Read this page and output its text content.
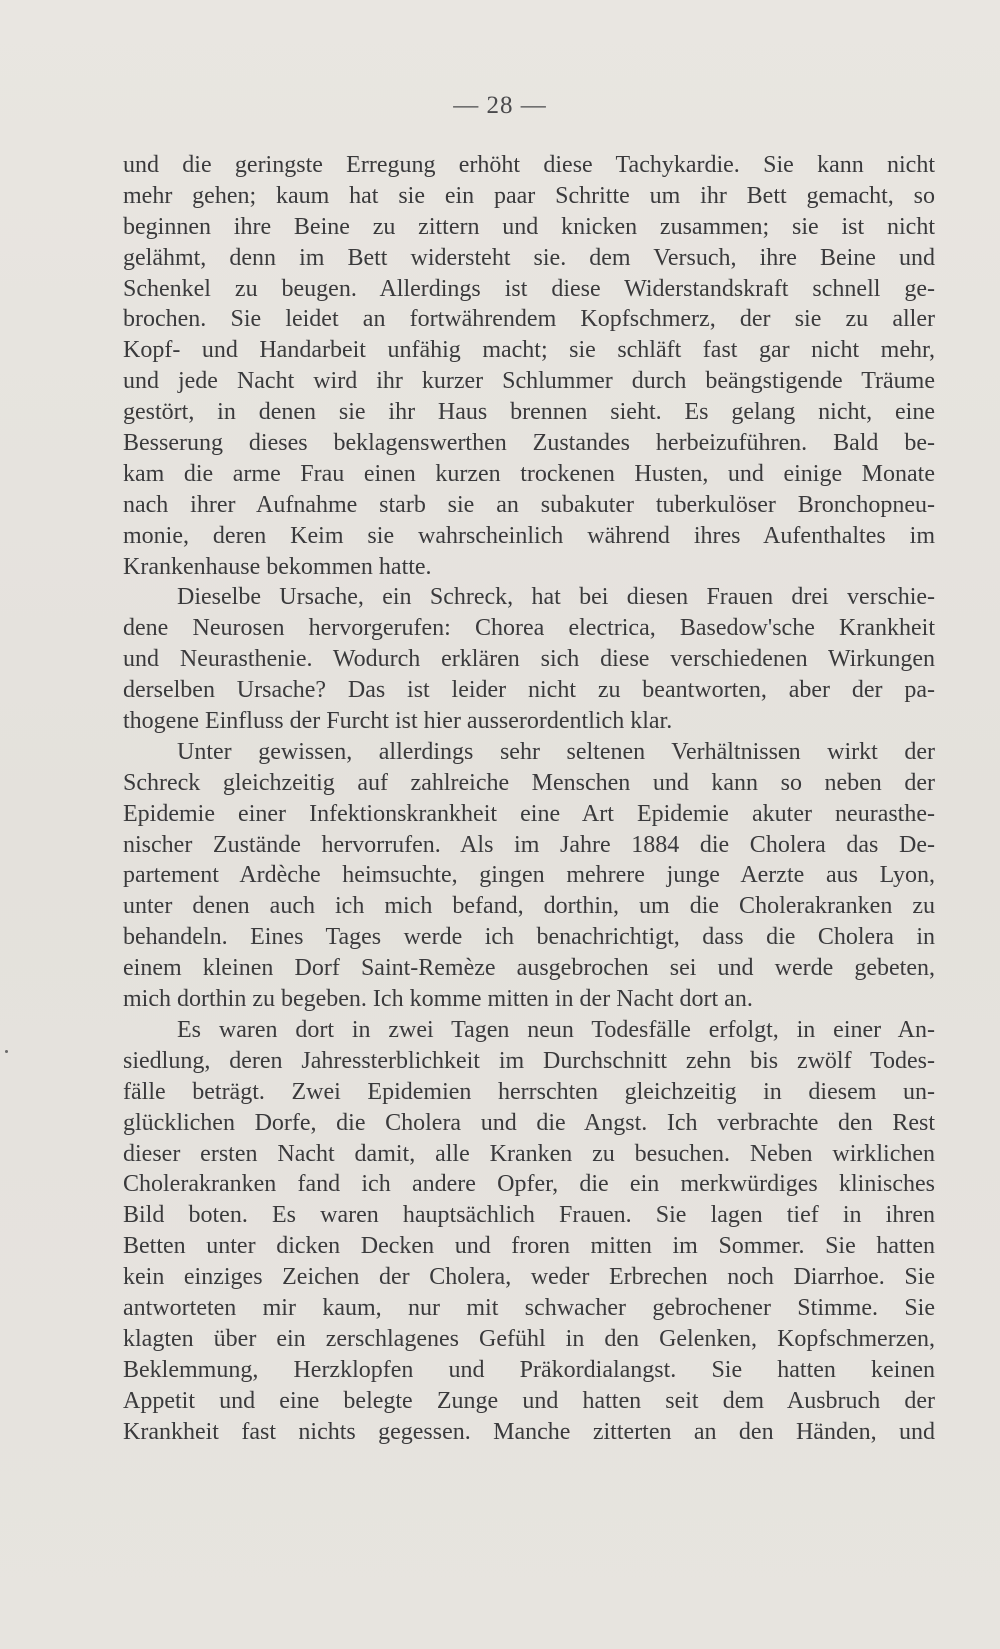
— 28 —
und die geringste Erregung erhöht diese Tachykardie. Sie kann nicht
mehr gehen; kaum hat sie ein paar Schritte um ihr Bett gemacht, so
beginnen ihre Beine zu zittern und knicken zusammen; sie ist nicht
gelähmt, denn im Bett widersteht sie. dem Versuch, ihre Beine und
Schenkel zu beugen. Allerdings ist diese Widerstandskraft schnell ge-
brochen. Sie leidet an fortwährendem Kopfschmerz, der sie zu aller
Kopf- und Handarbeit unfähig macht; sie schläft fast gar nicht mehr,
und jede Nacht wird ihr kurzer Schlummer durch beängstigende Träume
gestört, in denen sie ihr Haus brennen sieht. Es gelang nicht, eine
Besserung dieses beklagenswerthen Zustandes herbeizuführen. Bald be-
kam die arme Frau einen kurzen trockenen Husten, und einige Monate
nach ihrer Aufnahme starb sie an subakuter tuberkulöser Bronchopneu-
monie, deren Keim sie wahrscheinlich während ihres Aufenthaltes im
Krankenhause bekommen hatte.
Dieselbe Ursache, ein Schreck, hat bei diesen Frauen drei verschie-
dene Neurosen hervorgerufen: Chorea electrica, Basedow'sche Krankheit
und Neurasthenie. Wodurch erklären sich diese verschiedenen Wirkungen
derselben Ursache? Das ist leider nicht zu beantworten, aber der pa-
thogene Einfluss der Furcht ist hier ausserordentlich klar.
Unter gewissen, allerdings sehr seltenen Verhältnissen wirkt der
Schreck gleichzeitig auf zahlreiche Menschen und kann so neben der
Epidemie einer Infektionskrankheit eine Art Epidemie akuter neurasthe-
nischer Zustände hervorrufen. Als im Jahre 1884 die Cholera das De-
partement Ardèche heimsuchte, gingen mehrere junge Aerzte aus Lyon,
unter denen auch ich mich befand, dorthin, um die Cholerakranken zu
behandeln. Eines Tages werde ich benachrichtigt, dass die Cholera in
einem kleinen Dorf Saint-Remèze ausgebrochen sei und werde gebeten,
mich dorthin zu begeben. Ich komme mitten in der Nacht dort an.
Es waren dort in zwei Tagen neun Todesfälle erfolgt, in einer An-
siedlung, deren Jahressterblichkeit im Durchschnitt zehn bis zwölf Todes-
fälle beträgt. Zwei Epidemien herrschten gleichzeitig in diesem un-
glücklichen Dorfe, die Cholera und die Angst. Ich verbrachte den Rest
dieser ersten Nacht damit, alle Kranken zu besuchen. Neben wirklichen
Cholerakranken fand ich andere Opfer, die ein merkwürdiges klinisches
Bild boten. Es waren hauptsächlich Frauen. Sie lagen tief in ihren
Betten unter dicken Decken und froren mitten im Sommer. Sie hatten
kein einziges Zeichen der Cholera, weder Erbrechen noch Diarrhoe. Sie
antworteten mir kaum, nur mit schwacher gebrochener Stimme. Sie
klagten über ein zerschlagenes Gefühl in den Gelenken, Kopfschmerzen,
Beklemmung, Herzklopfen und Präkordialangst. Sie hatten keinen
Appetit und eine belegte Zunge und hatten seit dem Ausbruch der
Krankheit fast nichts gegessen. Manche zitterten an den Händen, und
